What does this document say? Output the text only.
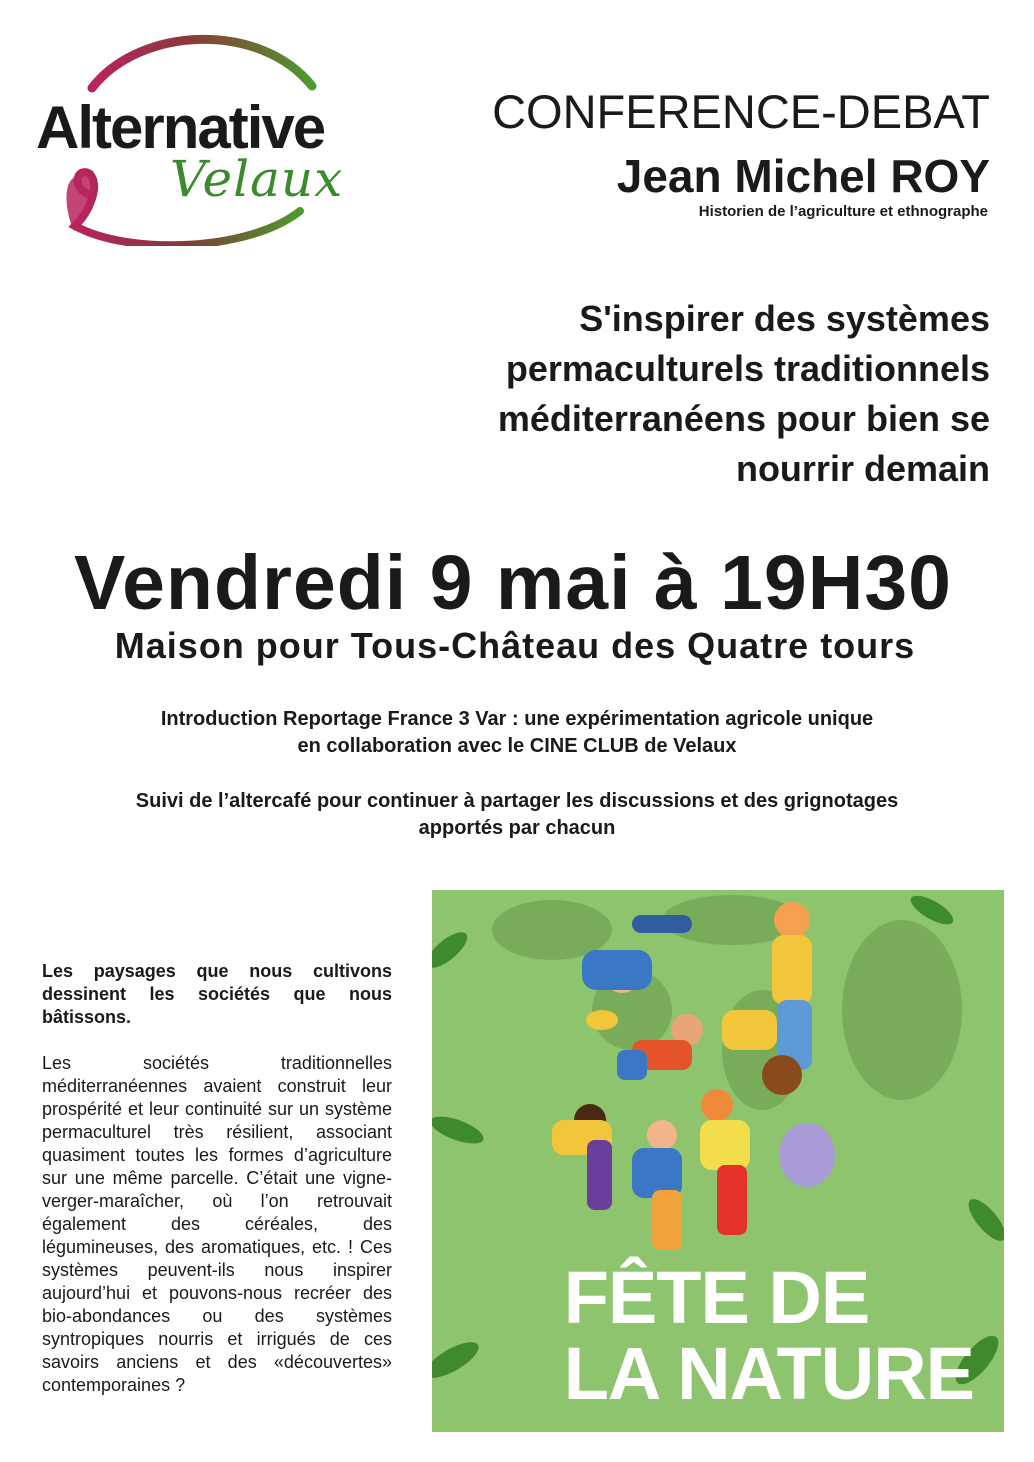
Alternative
Velaux
CONFERENCE-DEBAT
Jean Michel ROY
Historien de l’agriculture et ethnographe
S'inspirer des systèmes
permaculturels traditionnels
méditerranéens pour bien se
nourrir demain
Vendredi 9 mai à 19H30
Maison pour Tous-Château des Quatre tours
Introduction Reportage France 3 Var : une expérimentation agricole unique
en collaboration avec le CINE CLUB de Velaux
Suivi de l’altercafé pour continuer à partager les discussions et des grignotages
apportés par chacun
Les paysages que nous cultivons dessinent les sociétés que nous bâtissons.
Les sociétés traditionnelles méditerranéennes avaient construit leur prospérité et leur continuité sur un système permaculturel très résilient, associant quasiment toutes les formes d’agriculture sur une même parcelle. C’était une vigne-verger-maraîcher, où l’on retrouvait également des céréales, des légumineuses, des aromatiques, etc. ! Ces systèmes peuvent-ils nous inspirer aujourd’hui et pouvons-nous recréer des bio-abondances ou des systèmes syntropiques nourris et irrigués de ces savoirs anciens et des «découvertes» contemporaines ?
FÊTE DE
LA NATURE
